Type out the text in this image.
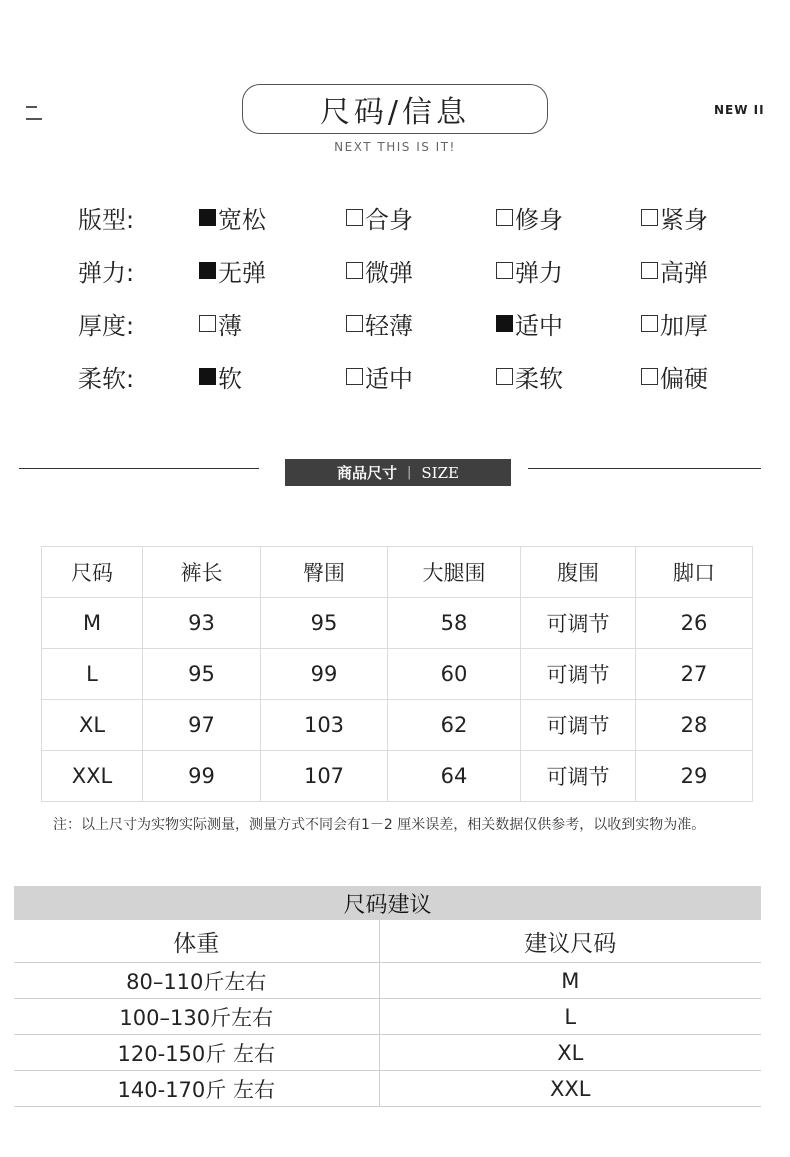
尺码/信息
NEXT THIS IS IT!
NEW II
版型:	宽松	合身	修身	紧身
弹力:	无弹	微弹	弹力	高弹
厚度:	薄	轻薄	适中	加厚
柔软:	软	适中	柔软	偏硬
商品尺寸 | SIZE
尺码	裤长	臀围	大腿围	腹围	脚口
M	93	95	58	可调节	26
L	95	99	60	可调节	27
XL	97	103	62	可调节	28
XXL	99	107	64	可调节	29
注：以上尺寸为实物实际测量，测量方式不同会有1－2 厘米误差，相关数据仅供参考，以收到实物为准。
尺码建议
体重	建议尺码
80–110斤左右	M
100–130斤左右	L
120-150斤 左右	XL
140-170斤 左右	XXL
